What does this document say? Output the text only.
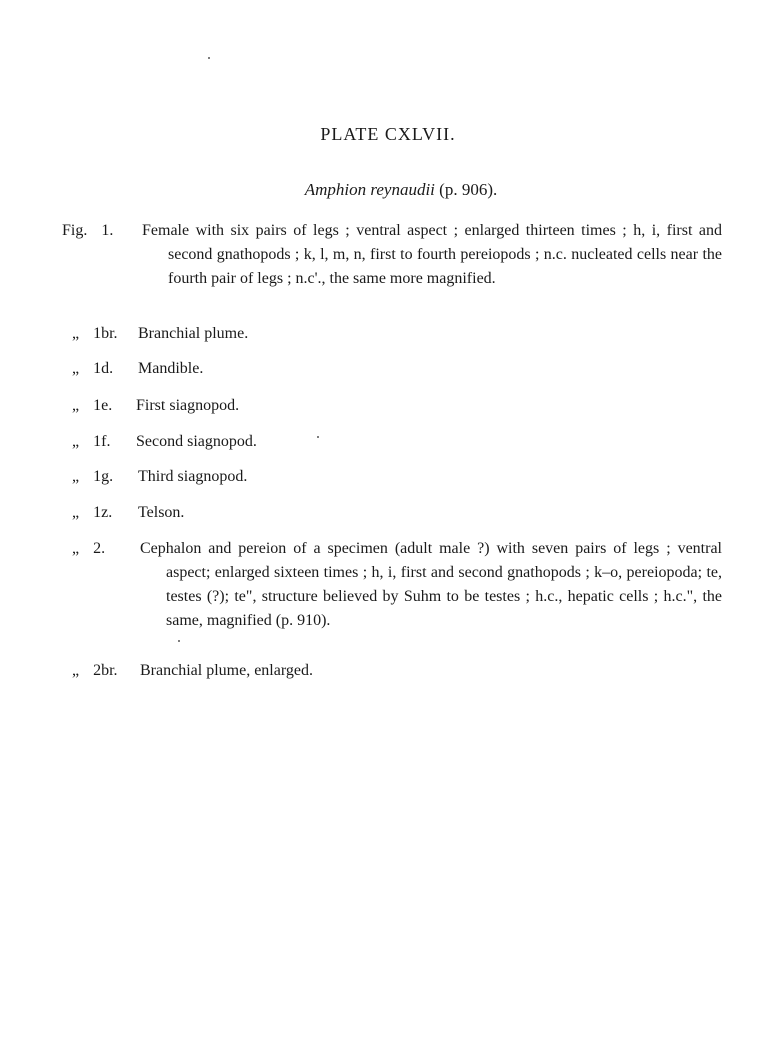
PLATE CXLVII.
Amphion reynaudii (p. 906).
Fig. 1. Female with six pairs of legs ; ventral aspect ; enlarged thirteen times ; h, i, first and second gnathopods ; k, l, m, n, first to fourth pereiopods ; n.c. nucleated cells near the fourth pair of legs ; n.c'., the same more magnified.
„ 1br. Branchial plume.
„ 1d. Mandible.
„ 1e. First siagnopod.
„ 1f. Second siagnopod.
„ 1g. Third siagnopod.
„ 1z. Telson.
„ 2. Cephalon and pereion of a specimen (adult male ?) with seven pairs of legs ; ventral aspect; enlarged sixteen times ; h, i, first and second gnathopods ; k–o, pereiopoda; te, testes (?); te", structure believed by Suhm to be testes ; h.c., hepatic cells ; h.c.", the same, magnified (p. 910).
„ 2br. Branchial plume, enlarged.
